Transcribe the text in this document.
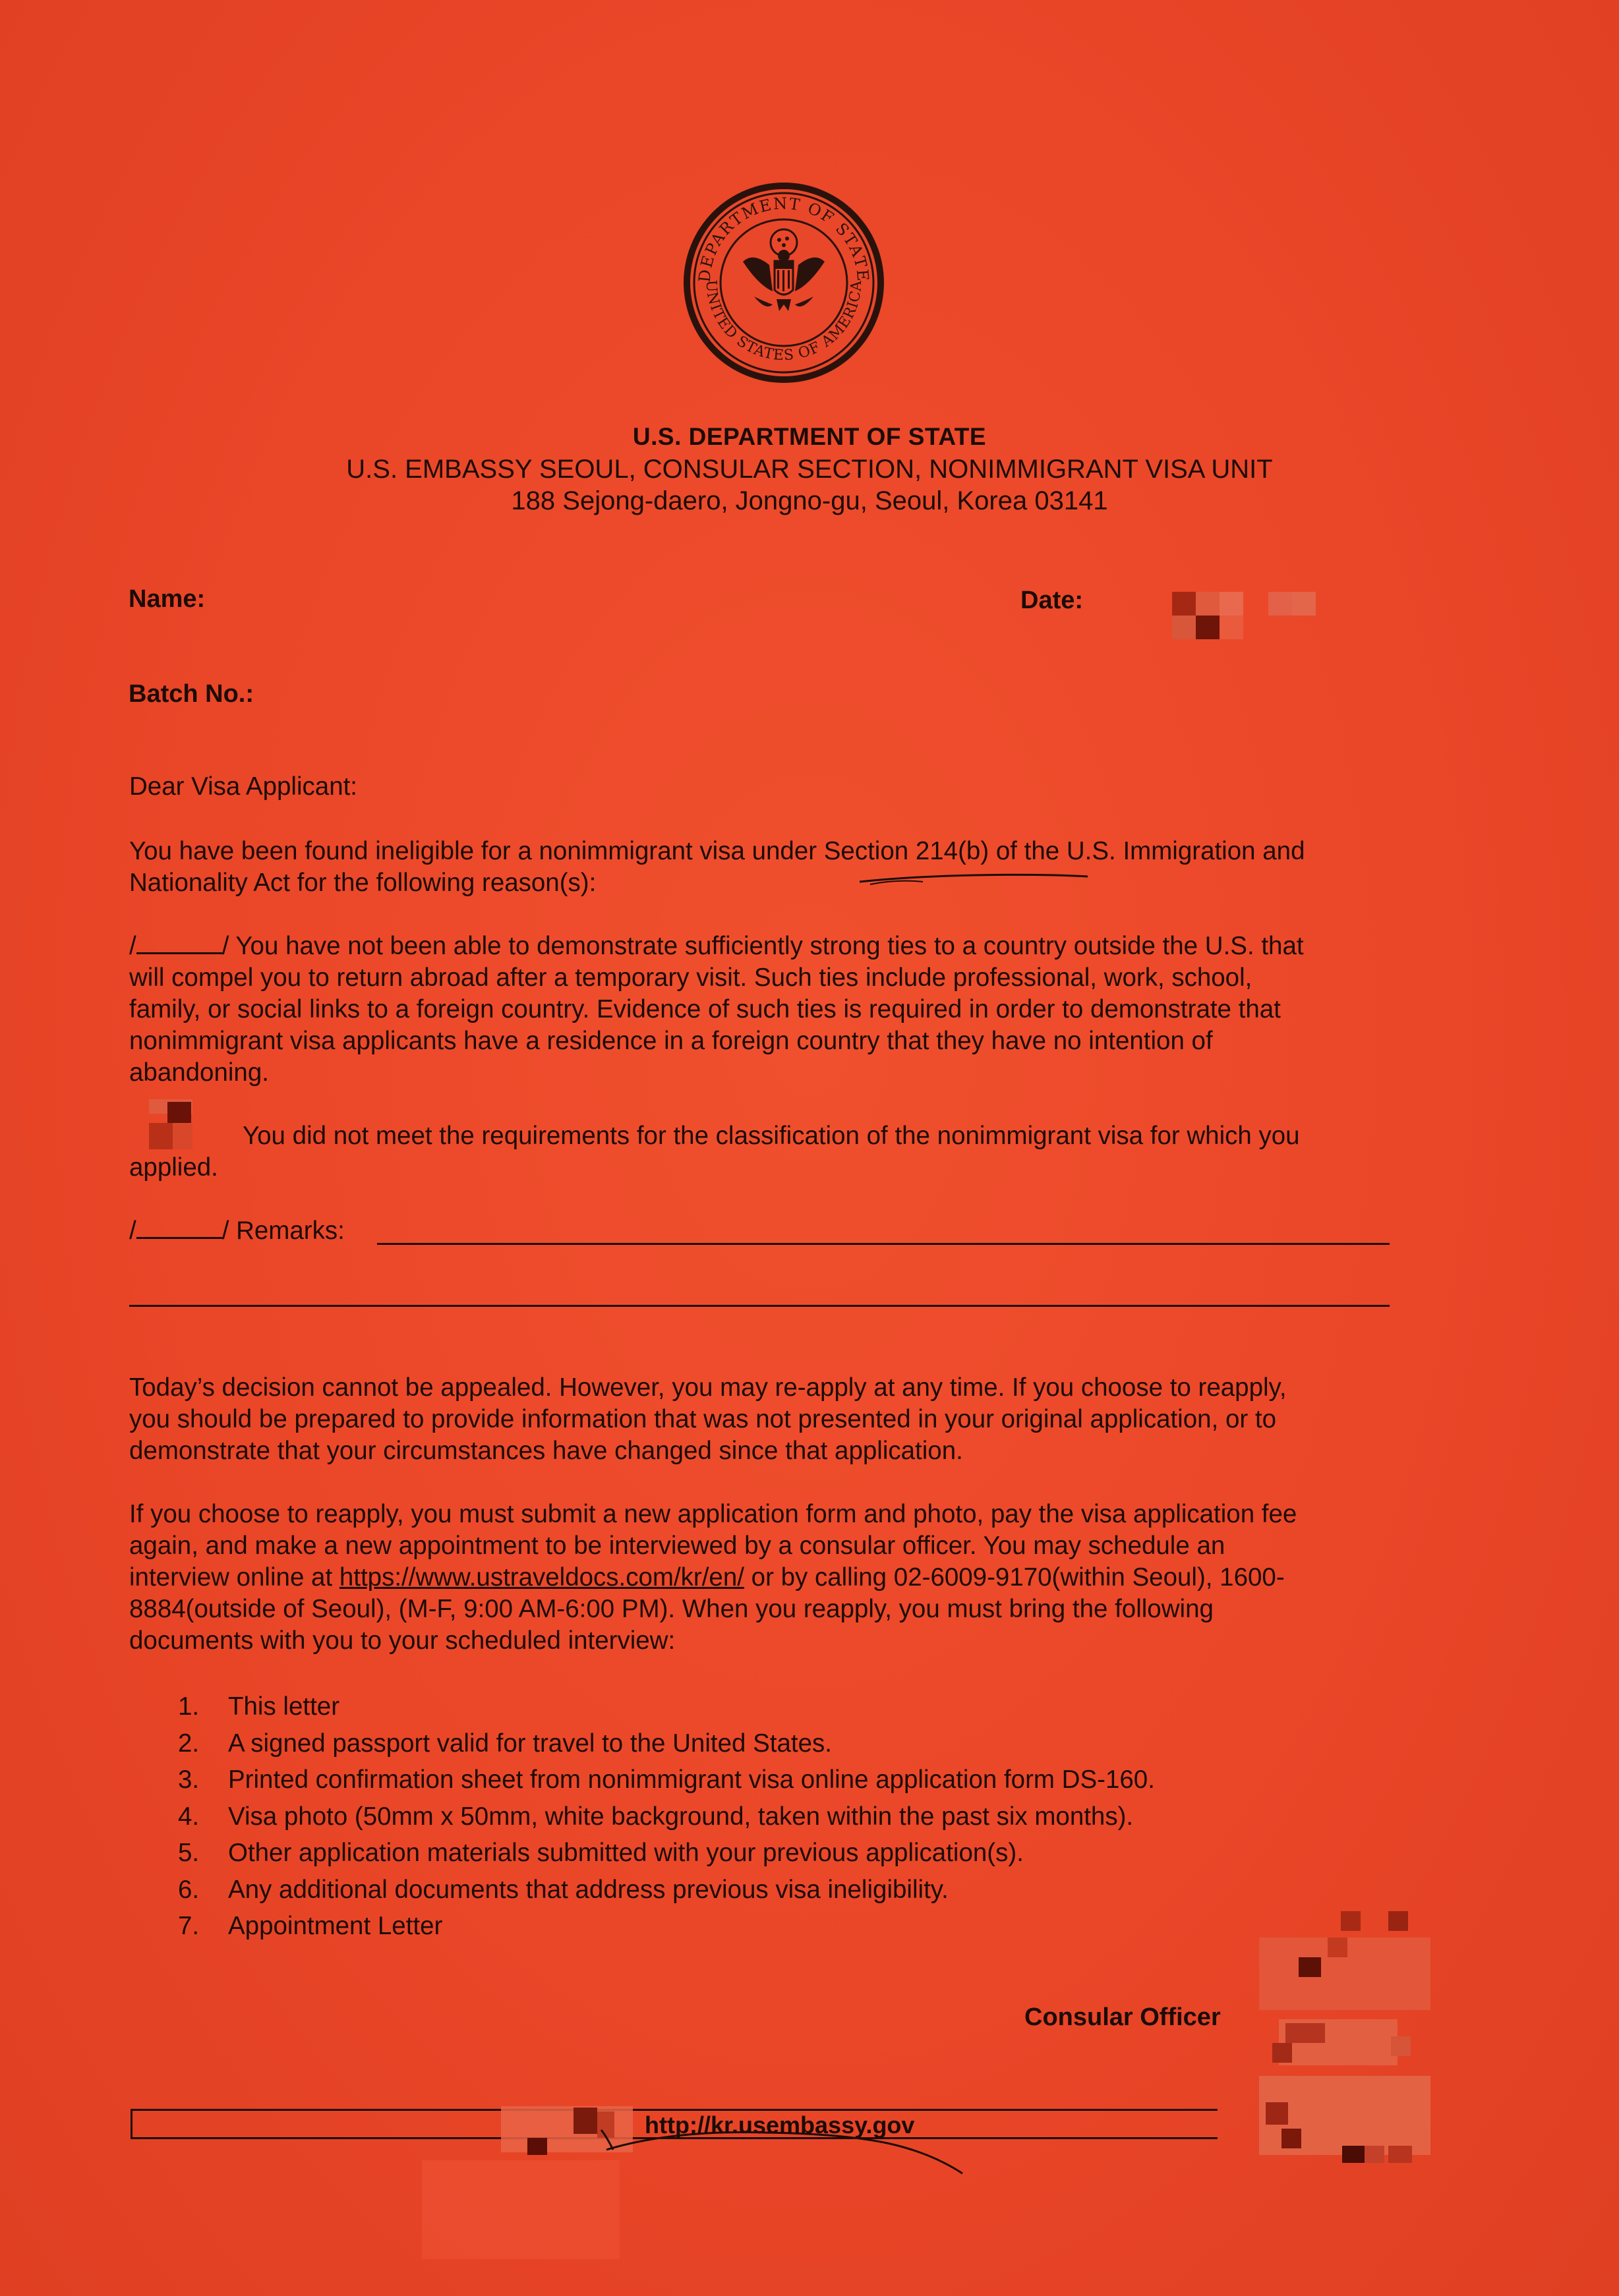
DEPARTMENT OF STATE
UNITED STATES OF AMERICA
U.S. DEPARTMENT OF STATE
U.S. EMBASSY SEOUL, CONSULAR SECTION, NONIMMIGRANT VISA UNIT
188 Sejong-daero, Jongno-gu, Seoul, Korea 03141
Name:	Date:
Batch No.:
Dear Visa Applicant:
You have been found ineligible for a nonimmigrant visa under Section 214(b) of the U.S. Immigration and
Nationality Act for the following reason(s):
/	/ You have not been able to demonstrate sufficiently strong ties to a country outside the U.S. that
will compel you to return abroad after a temporary visit. Such ties include professional, work, school,
family, or social links to a foreign country. Evidence of such ties is required in order to demonstrate that
nonimmigrant visa applicants have a residence in a foreign country that they have no intention of
abandoning.
You did not meet the requirements for the classification of the nonimmigrant visa for which you
applied.
/	/ Remarks:
Today’s decision cannot be appealed. However, you may re-apply at any time. If you choose to reapply,
you should be prepared to provide information that was not presented in your original application, or to
demonstrate that your circumstances have changed since that application.
If you choose to reapply, you must submit a new application form and photo, pay the visa application fee
again, and make a new appointment to be interviewed by a consular officer. You may schedule an
interview online at https://www.ustraveldocs.com/kr/en/ or by calling 02-6009-9170(within Seoul), 1600-
8884(outside of Seoul), (M-F, 9:00 AM-6:00 PM). When you reapply, you must bring the following
documents with you to your scheduled interview:
1.	This letter
2.	A signed passport valid for travel to the United States.
3.	Printed confirmation sheet from nonimmigrant visa online application form DS-160.
4.	Visa photo (50mm x 50mm, white background, taken within the past six months).
5.	Other application materials submitted with your previous application(s).
6.	Any additional documents that address previous visa ineligibility.
7.	Appointment Letter
Consular Officer
http://kr.usembassy.gov
